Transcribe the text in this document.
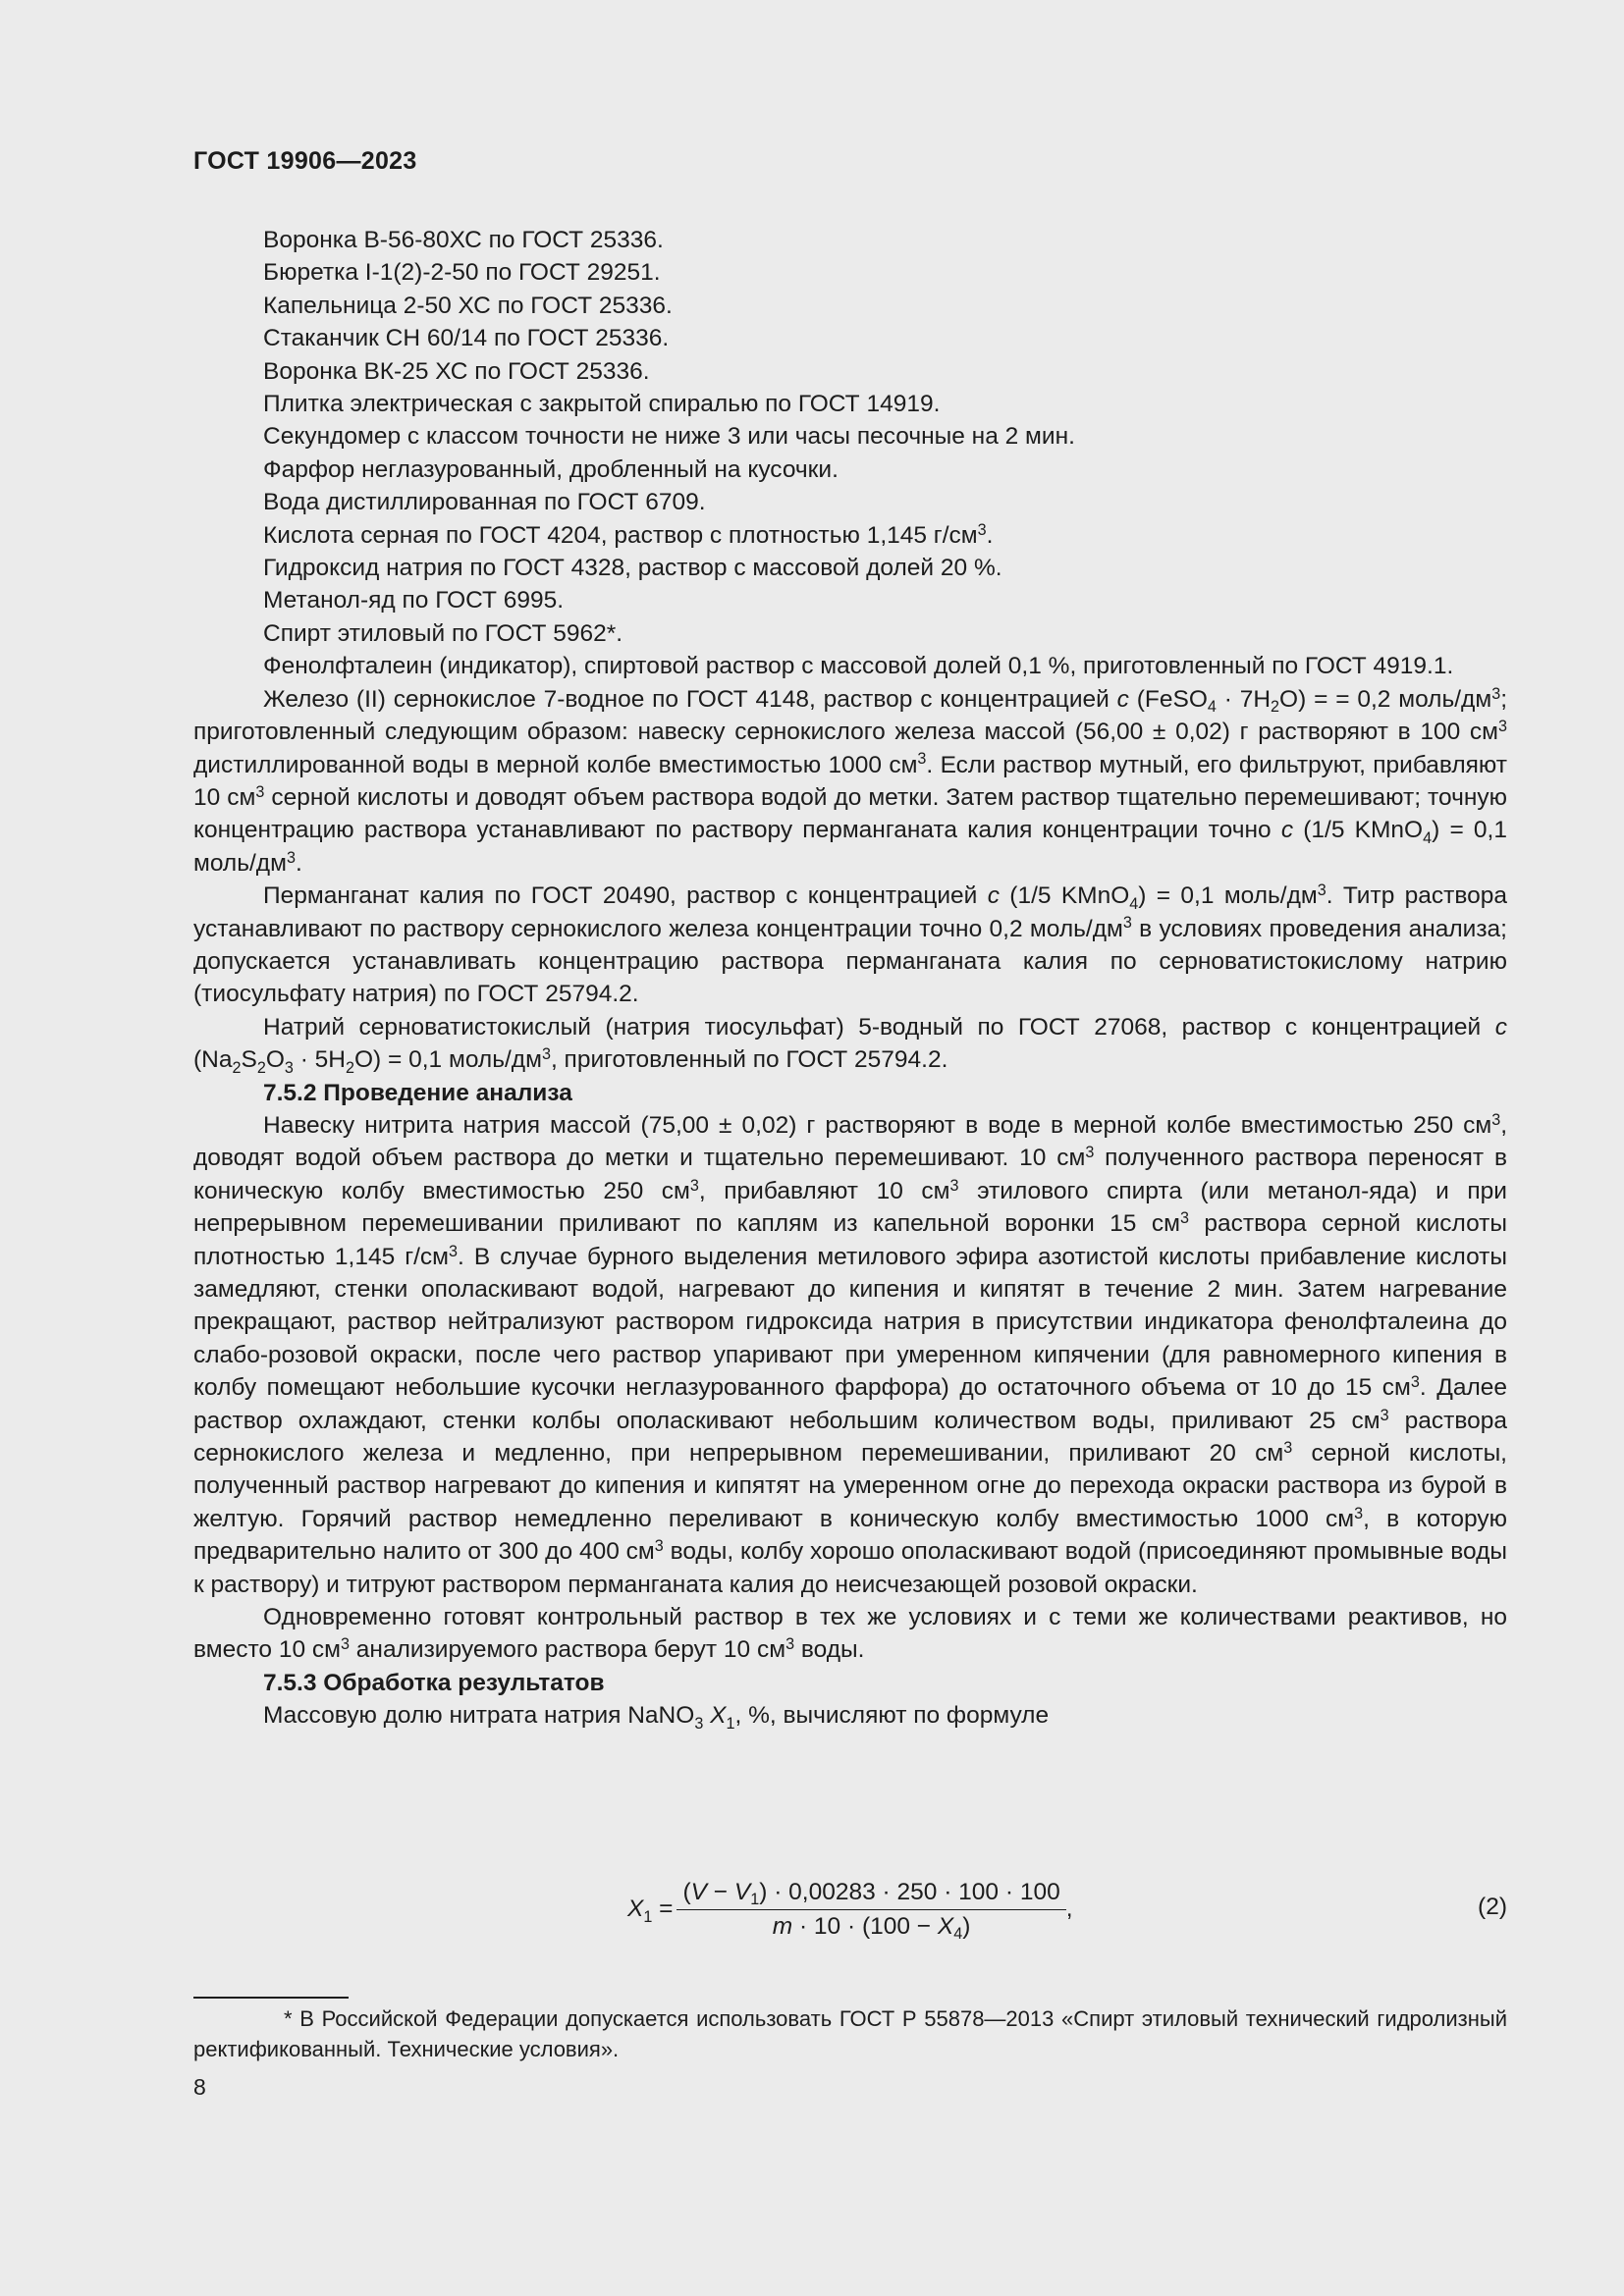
ГОСТ 19906—2023

Воронка В-56-80ХС по ГОСТ 25336.

Бюретка I-1(2)-2-50 по ГОСТ 29251.

Капельница 2-50 ХС по ГОСТ 25336.

Стаканчик СН 60/14 по ГОСТ 25336.

Воронка ВК-25 ХС по ГОСТ 25336.

Плитка электрическая с закрытой спиралью по ГОСТ 14919.

Секундомер с классом точности не ниже 3 или часы песочные на 2 мин.

Фарфор неглазурованный, дробленный на кусочки.

Вода дистиллированная по ГОСТ 6709.

Кислота серная по ГОСТ 4204, раствор с плотностью 1,145 $г/см^3$.

Гидроксид натрия по ГОСТ 4328, раствор с массовой долей 20 %.

Метанол-яд по ГОСТ 6995.

Спирт этиловый по ГОСТ 5962*.

Фенолфталеин (индикатор), спиртовой раствор с массовой долей 0,1 %, приготовленный по ГОСТ 4919.1.

Железо (II) сернокислое 7-водное по ГОСТ 4148, раствор с концентрацией c (FeSO$_4$ · $7H_2O$) = = 0,2 моль/$дм^3$; приготовленный следующим образом: навеску сернокислого железа массой (56,00 ± 0,02) г растворяют в 100 $см^3$ дистиллированной воды в мерной колбе вместимостью 1000 $см^3$. Если раствор мутный, его фильтруют, прибавляют 10 $см^3$ серной кислоты и доводят объем раствора водой до метки. Затем раствор тщательно перемешивают; точную концентрацию раствора устанавливают по раствору перманганата калия концентрации точно c (1/5 KMnO$_4$) = 0,1 моль/$дм^3$.

Перманганат калия по ГОСТ 20490, раствор с концентрацией c (1/5 KMnO$_4$) = 0,1 моль/$дм^3$. Титр раствора устанавливают по раствору сернокислого железа концентрации точно 0,2 моль/$дм^3$ в условиях проведения анализа; допускается устанавливать концентрацию раствора перманганата калия по серноватистокислому натрию (тиосульфату натрия) по ГОСТ 25794.2.

Натрий серноватистокислый (натрия тиосульфат) 5-водный по ГОСТ 27068, раствор с концентрацией c $(Na_2S_2O_3 \cdot 5H_2O) = 0,1$ моль/$дм^3$, приготовленный по ГОСТ 25794.2.

7.5.2 Проведение анализа

Навеску нитрита натрия массой (75,00 ± 0,02) г растворяют в воде в мерной колбе вместимостью 250 $см^3$, доводят водой объем раствора до метки и тщательно перемешивают. 10 $см^3$ полученного раствора переносят в коническую колбу вместимостью 250 $см^3$, прибавляют 10 $см^3$ этилового спирта (или метанол-яда) и при непрерывном перемешивании приливают по каплям из капельной воронки 15 $см^3$ раствора серной кислоты плотностью 1,145 $г/см^3$. В случае бурного выделения метилового эфира азотистой кислоты прибавление кислоты замедляют, стенки ополаскивают водой, нагревают до кипения и кипятят в течение 2 мин. Затем нагревание прекращают, раствор нейтрализуют раствором гидроксида натрия в присутствии индикатора фенолфталеина до слабо-розовой окраски, после чего раствор упаривают при умеренном кипячении (для равномерного кипения в колбу помещают небольшие кусочки неглазурованного фарфора) до остаточного объема от 10 до 15 $см^3$. Далее раствор охлаждают, стенки колбы ополаскивают небольшим количеством воды, приливают 25 $см^3$ раствора сернокислого железа и медленно, при непрерывном перемешивании, приливают 20 $см^3$ серной кислоты, полученный раствор нагревают до кипения и кипятят на умеренном огне до перехода окраски раствора из бурой в желтую. Горячий раствор немедленно переливают в коническую колбу вместимостью 1000 $см^3$, в которую предварительно налито от 300 до 400 $см^3$ воды, колбу хорошо ополаскивают водой (присоединяют промывные воды к раствору) и титруют раствором перманганата калия до неисчезающей розовой окраски.

Одновременно готовят контрольный раствор в тех же условиях и с теми же количествами реактивов, но вместо 10 $см^3$ анализируемого раствора берут 10 $см^3$ воды.

7.5.3 Обработка результатов

Массовую долю нитрата натрия NaNO$_3$ $X_1$, %, вычисляют по формуле

$X_1 = \frac{(V - V_1) \cdot 0,00283 \cdot 250 \cdot 100 \cdot 100}{m \cdot 10 \cdot (100 - X_4)}$ ,	(2)
* В Российской Федерации допускается использовать ГОСТ Р 55878—2013 «Спирт этиловый технический гидролизный ректификованный. Технические условия».
8
